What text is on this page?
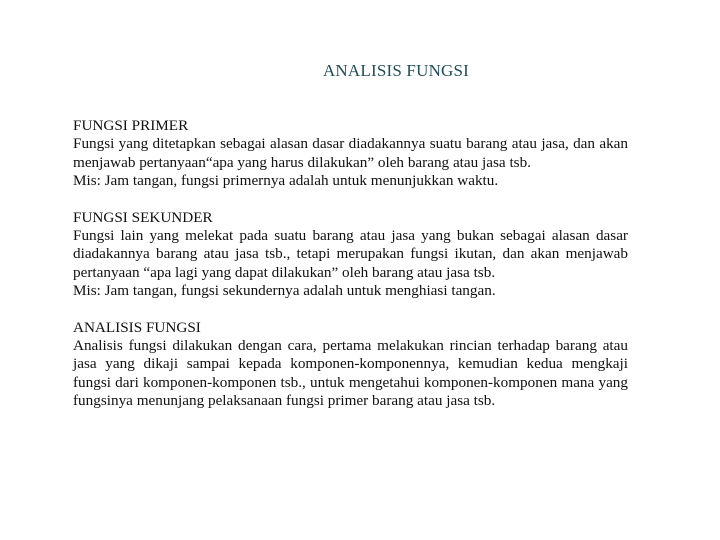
ANALISIS FUNGSI
FUNGSI PRIMER
Fungsi yang ditetapkan sebagai alasan dasar diadakannya suatu barang atau jasa, dan akan menjawab pertanyaan“apa yang harus dilakukan” oleh barang atau jasa tsb.
Mis: Jam tangan, fungsi primernya adalah untuk menunjukkan waktu.
FUNGSI SEKUNDER
Fungsi lain yang melekat pada suatu barang atau jasa yang bukan sebagai alasan dasar diadakannya barang atau jasa tsb., tetapi merupakan fungsi ikutan, dan akan menjawab pertanyaan “apa lagi yang dapat dilakukan” oleh barang atau jasa tsb.
Mis: Jam tangan, fungsi sekundernya adalah untuk menghiasi tangan.
ANALISIS FUNGSI
Analisis fungsi dilakukan dengan cara, pertama melakukan rincian terhadap barang atau jasa yang dikaji sampai kepada komponen-komponennya, kemudian kedua mengkaji fungsi dari komponen-komponen tsb., untuk mengetahui komponen-komponen mana yang fungsinya menunjang pelaksanaan fungsi primer barang atau jasa tsb.
